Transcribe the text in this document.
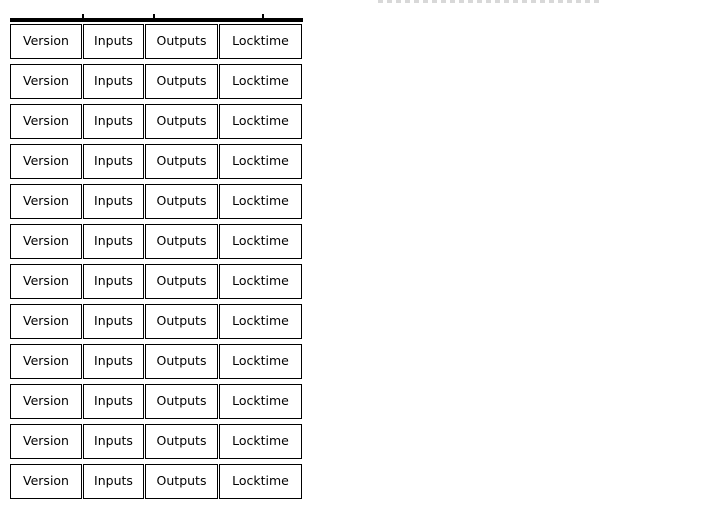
Version	Inputs	Outputs	Locktime
Version	Inputs	Outputs	Locktime
Version	Inputs	Outputs	Locktime
Version	Inputs	Outputs	Locktime
Version	Inputs	Outputs	Locktime
Version	Inputs	Outputs	Locktime
Version	Inputs	Outputs	Locktime
Version	Inputs	Outputs	Locktime
Version	Inputs	Outputs	Locktime
Version	Inputs	Outputs	Locktime
Version	Inputs	Outputs	Locktime
Version	Inputs	Outputs	Locktime
